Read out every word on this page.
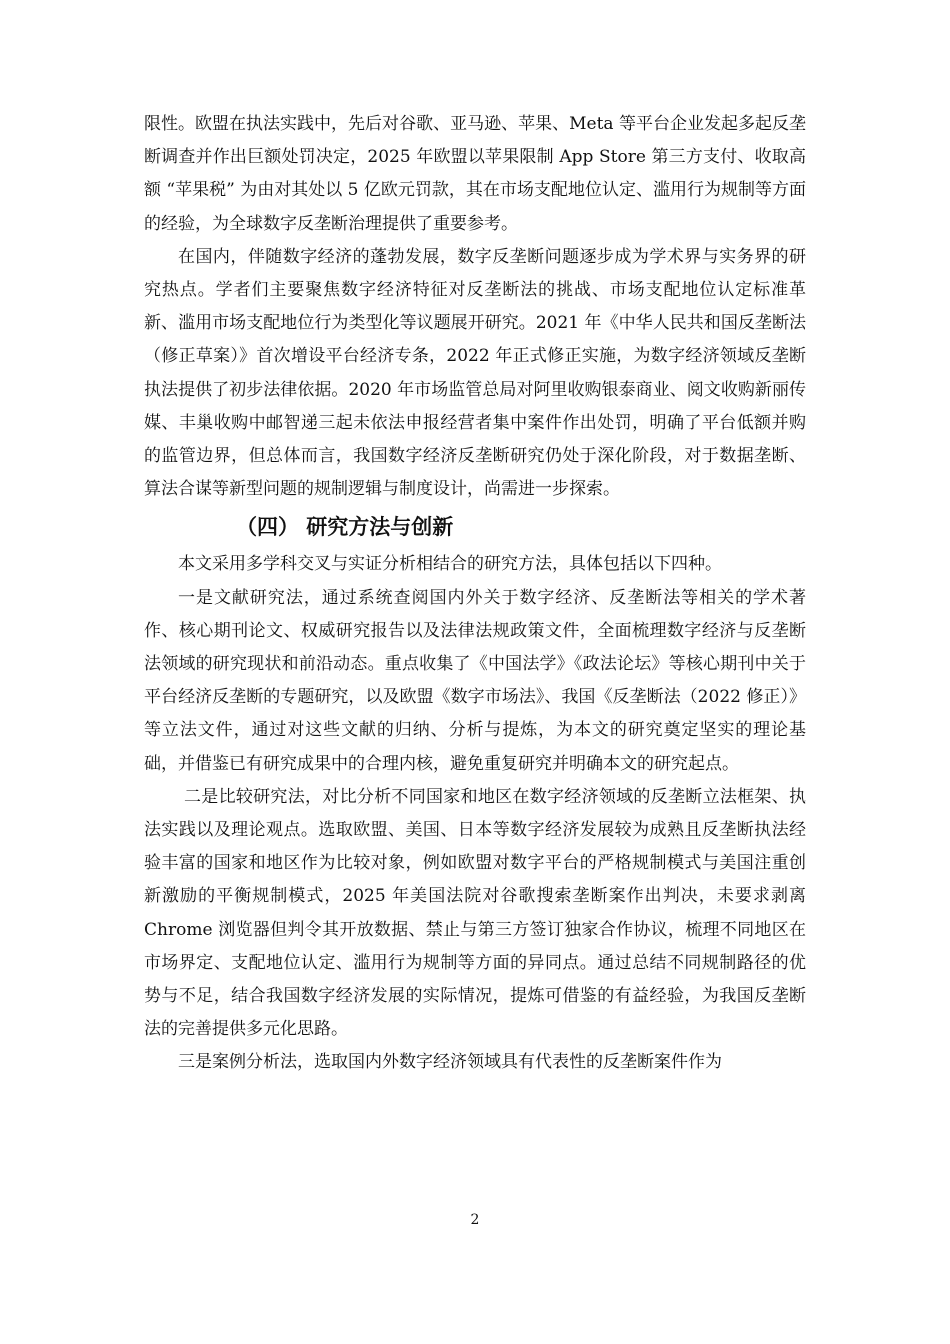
限性。欧盟在执法实践中，先后对谷歌、亚马逊、苹果、Meta 等平台企业发起多起反垄断调查并作出巨额处罚决定，2025 年欧盟以苹果限制 App Store 第三方支付、收取高额 “苹果税” 为由对其处以 5 亿欧元罚款，其在市场支配地位认定、滥用行为规制等方面的经验，为全球数字反垄断治理提供了重要参考。

在国内，伴随数字经济的蓬勃发展，数字反垄断问题逐步成为学术界与实务界的研究热点。学者们主要聚焦数字经济特征对反垄断法的挑战、市场支配地位认定标准革新、滥用市场支配地位行为类型化等议题展开研究。2021 年《中华人民共和国反垄断法（修正草案）》首次增设平台经济专条，2022 年正式修正实施，为数字经济领域反垄断执法提供了初步法律依据。2020 年市场监管总局对阿里收购银泰商业、阅文收购新丽传媒、丰巢收购中邮智递三起未依法申报经营者集中案件作出处罚，明确了平台低额并购的监管边界，但总体而言，我国数字经济反垄断研究仍处于深化阶段，对于数据垄断、算法合谋等新型问题的规制逻辑与制度设计，尚需进一步探索。

（四） 研究方法与创新

本文采用多学科交叉与实证分析相结合的研究方法，具体包括以下四种。

一是文献研究法，通过系统查阅国内外关于数字经济、反垄断法等相关的学术著作、核心期刊论文、权威研究报告以及法律法规政策文件，全面梳理数字经济与反垄断法领域的研究现状和前沿动态。重点收集了《中国法学》《政法论坛》等核心期刊中关于平台经济反垄断的专题研究，以及欧盟《数字市场法》、我国《反垄断法（2022 修正）》等立法文件，通过对这些文献的归纳、分析与提炼，为本文的研究奠定坚实的理论基础，并借鉴已有研究成果中的合理内核，避免重复研究并明确本文的研究起点。

二是比较研究法，对比分析不同国家和地区在数字经济领域的反垄断立法框架、执法实践以及理论观点。选取欧盟、美国、日本等数字经济发展较为成熟且反垄断执法经验丰富的国家和地区作为比较对象，例如欧盟对数字平台的严格规制模式与美国注重创新激励的平衡规制模式，2025 年美国法院对谷歌搜索垄断案作出判决，未要求剥离 Chrome 浏览器但判令其开放数据、禁止与第三方签订独家合作协议，梳理不同地区在市场界定、支配地位认定、滥用行为规制等方面的异同点。通过总结不同规制路径的优势与不足，结合我国数字经济发展的实际情况，提炼可借鉴的有益经验，为我国反垄断法的完善提供多元化思路。

三是案例分析法，选取国内外数字经济领域具有代表性的反垄断案件作为

2
